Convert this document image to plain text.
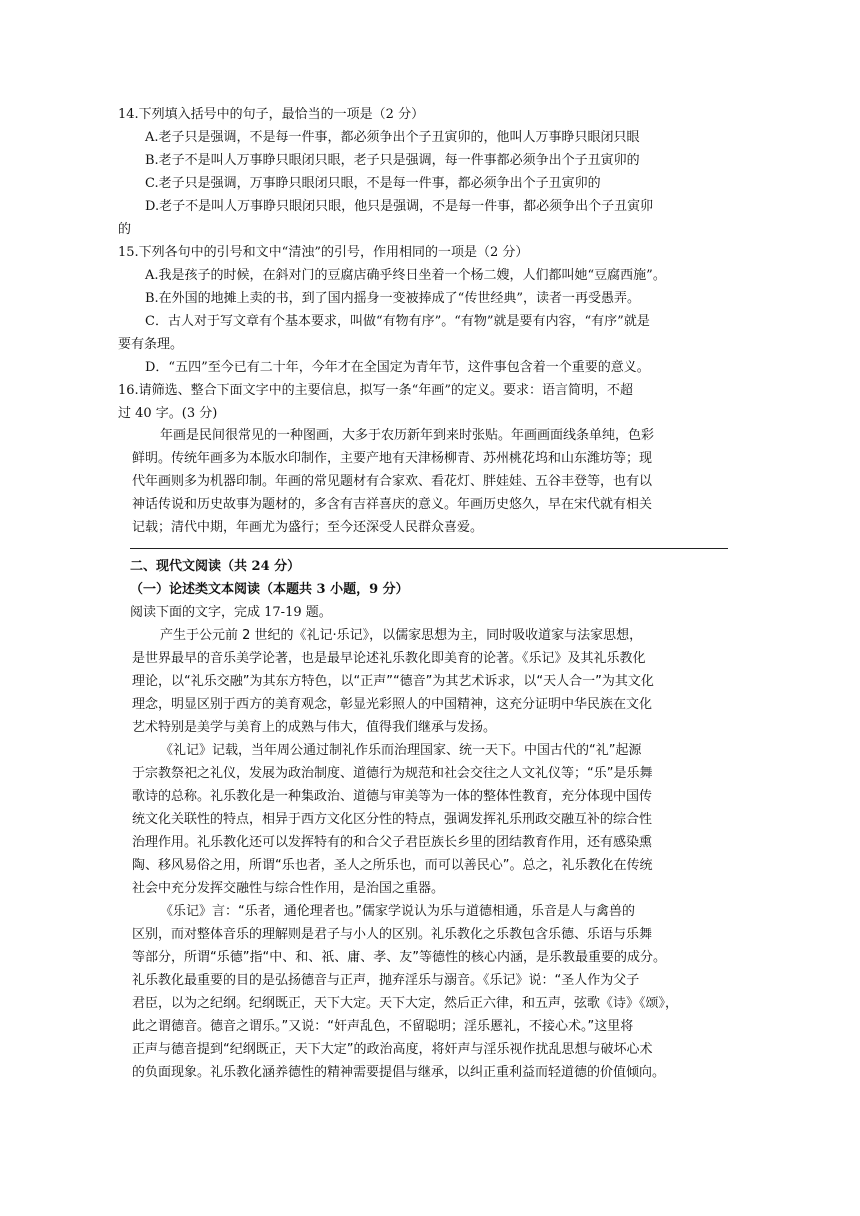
14.下列填入括号中的句子，最恰当的一项是（2 分）
A.老子只是强调，不是每一件事，都必须争出个子丑寅卯的，他叫人万事睁只眼闭只眼
B.老子不是叫人万事睁只眼闭只眼，老子只是强调，每一件事都必须争出个子丑寅卯的
C.老子只是强调，万事睁只眼闭只眼，不是每一件事，都必须争出个子丑寅卯的
D.老子不是叫人万事睁只眼闭只眼，他只是强调，不是每一件事，都必须争出个子丑寅卯
的
15.下列各句中的引号和文中“清浊”的引号，作用相同的一项是（2 分）
A.我是孩子的时候，在斜对门的豆腐店确乎终日坐着一个杨二嫂，人们都叫她“豆腐西施”。
B.在外国的地摊上卖的书，到了国内摇身一变被捧成了“传世经典”，读者一再受愚弄。
C．古人对于写文章有个基本要求，叫做“有物有序”。“有物”就是要有内容，“有序”就是
要有条理。
D．“五四”至今已有二十年，今年才在全国定为青年节，这件事包含着一个重要的意义。
16.请筛选、整合下面文字中的主要信息，拟写一条“年画”的定义。要求：语言简明，不超
过 40 字。(3 分)
年画是民间很常见的一种图画，大多于农历新年到来时张贴。年画画面线条单纯，色彩
鲜明。传统年画多为本版水印制作，主要产地有天津杨柳青、苏州桃花坞和山东潍坊等；现
代年画则多为机器印制。年画的常见题材有合家欢、看花灯、胖娃娃、五谷丰登等，也有以
神话传说和历史故事为题材的，多含有吉祥喜庆的意义。年画历史悠久，早在宋代就有相关
记载；清代中期，年画尤为盛行；至今还深受人民群众喜爱。
二、现代文阅读（共 24 分）
（一）论述类文本阅读（本题共 3 小题，9 分）
阅读下面的文字，完成 17-19 题。
产生于公元前 2 世纪的《礼记·乐记》，以儒家思想为主，同时吸收道家与法家思想，
是世界最早的音乐美学论著，也是最早论述礼乐教化即美育的论著。《乐记》及其礼乐教化
理论，以“礼乐交融”为其东方特色，以“正声”“德音”为其艺术诉求，以“天人合一”为其文化
理念，明显区别于西方的美育观念，彰显光彩照人的中国精神，这充分证明中华民族在文化
艺术特别是美学与美育上的成熟与伟大，值得我们继承与发扬。
《礼记》记载，当年周公通过制礼作乐而治理国家、统一天下。中国古代的“礼”起源
于宗教祭祀之礼仪，发展为政治制度、道德行为规范和社会交往之人文礼仪等；“乐”是乐舞
歌诗的总称。礼乐教化是一种集政治、道德与审美等为一体的整体性教育，充分体现中国传
统文化关联性的特点，相异于西方文化区分性的特点，强调发挥礼乐刑政交融互补的综合性
治理作用。礼乐教化还可以发挥特有的和合父子君臣族长乡里的团结教育作用，还有感染熏
陶、移风易俗之用，所谓“乐也者，圣人之所乐也，而可以善民心”。总之，礼乐教化在传统
社会中充分发挥交融性与综合性作用，是治国之重器。
《乐记》言：“乐者，通伦理者也。”儒家学说认为乐与道德相通，乐音是人与禽兽的
区别，而对整体音乐的理解则是君子与小人的区别。礼乐教化之乐教包含乐德、乐语与乐舞
等部分，所谓“乐德”指“中、和、祇、庸、孝、友”等德性的核心内涵，是乐教最重要的成分。
礼乐教化最重要的目的是弘扬德音与正声，抛弃淫乐与溺音。《乐记》说：“圣人作为父子
君臣，以为之纪纲。纪纲既正，天下大定。天下大定，然后正六律，和五声，弦歌《诗》《颂》，
此之谓德音。德音之谓乐。”又说：“奸声乱色，不留聪明；淫乐慝礼，不接心术。”这里将
正声与德音提到“纪纲既正，天下大定”的政治高度，将奸声与淫乐视作扰乱思想与破坏心术
的负面现象。礼乐教化涵养德性的精神需要提倡与继承，以纠正重利益而轻道德的价值倾向。
